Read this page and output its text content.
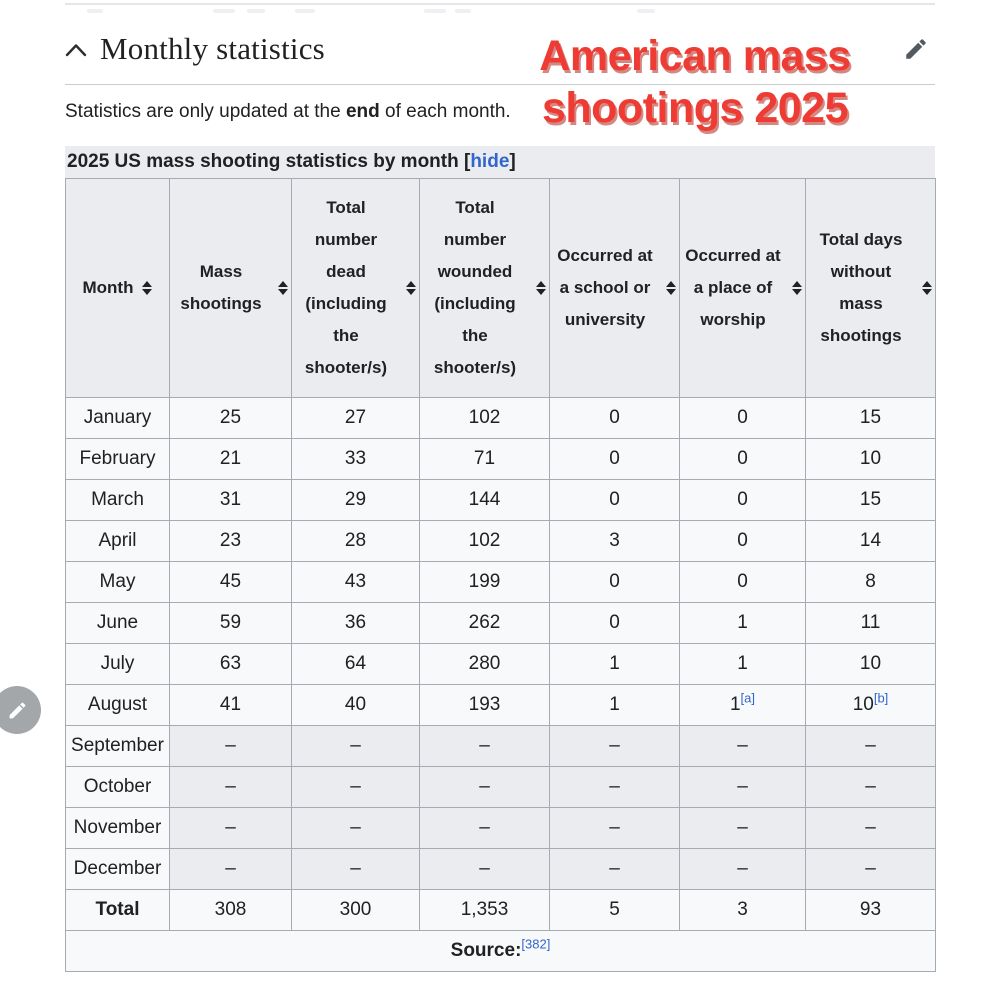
Monthly statistics

Statistics are only updated at the end of each month.

2025 US mass shooting statistics by month [hide]
Month	Mass shootings	Total number dead (including the shooter/s)	Total number wounded (including the shooter/s)	Occurred at a school or university	Occurred at a place of worship	Total days without mass shootings

January	25	27	102	0	0	15
February	21	33	71	0	0	10
March	31	29	144	0	0	15
April	23	28	102	3	0	14
May	45	43	199	0	0	8
June	59	36	262	0	1	11
July	63	64	280	1	1	10
August	41	40	193	1	1[a]	10[b]
September	–	–	–	–	–	–
October	–	–	–	–	–	–
November	–	–	–	–	–	–
December	–	–	–	–	–	–
Total	308	300	1,353	5	3	93
Source:[382]
American mass
shootings 2025
